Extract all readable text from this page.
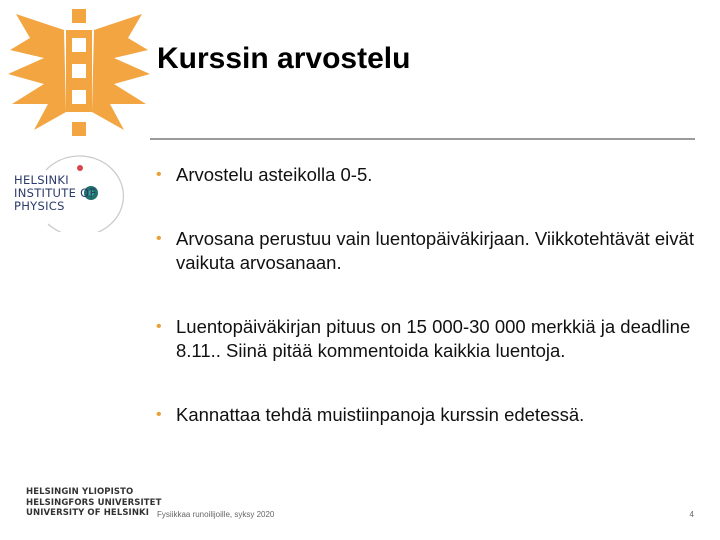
HELSINKI
INSTITUTE OF
PHYSICS
Kurssin arvostelu
• Arvostelu asteikolla 0-5.
• Arvosana perustuu vain luentopäiväkirjaan. Viikkotehtävät eivät vaikuta arvosanaan.
• Luentopäiväkirjan pituus on 15 000-30 000 merkkiä ja deadline 8.11.. Siinä pitää kommentoida kaikkia luentoja.
• Kannattaa tehdä muistiinpanoja kurssin edetessä.
HELSINGIN YLIOPISTO
HELSINGFORS UNIVERSITET
UNIVERSITY OF HELSINKI	Fysiikkaa runoilijoille, syksy 2020	4
